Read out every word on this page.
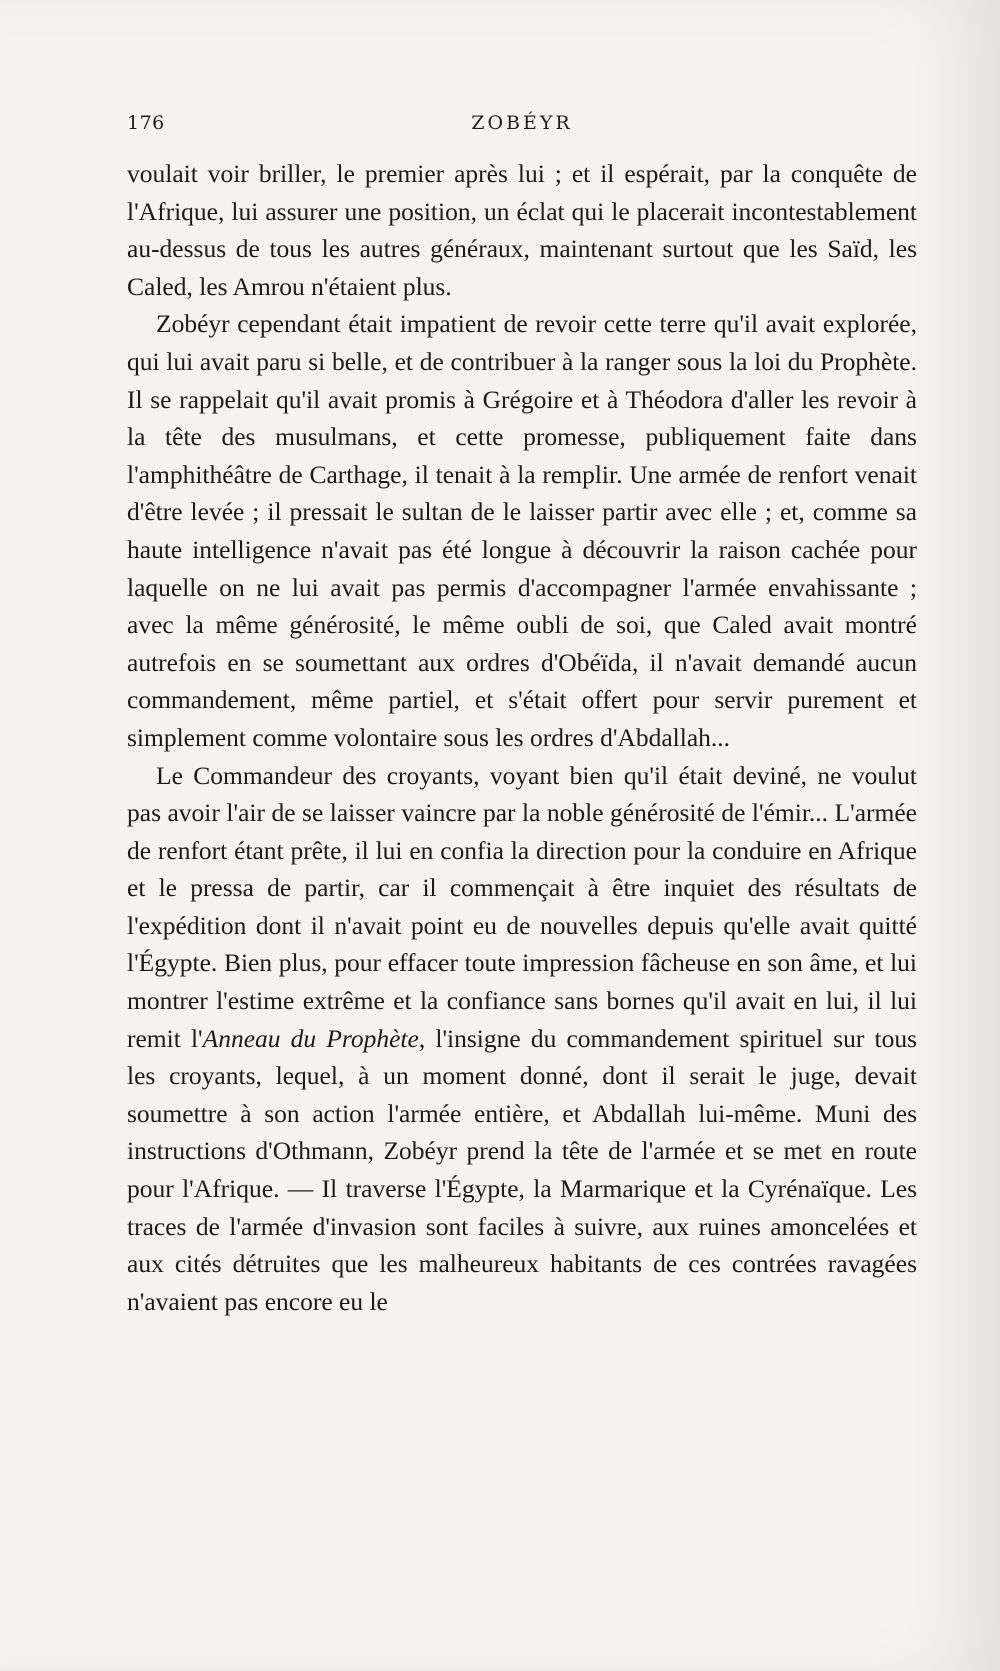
176	ZOBÉYR

voulait voir briller, le premier après lui ; et il espérait, par la conquête de l'Afrique, lui assurer une position, un éclat qui le placerait incontestablement au-dessus de tous les autres généraux, maintenant surtout que les Saïd, les Caled, les Amrou n'étaient plus.

Zobéyr cependant était impatient de revoir cette terre qu'il avait explorée, qui lui avait paru si belle, et de contribuer à la ranger sous la loi du Prophète. Il se rappelait qu'il avait promis à Grégoire et à Théodora d'aller les revoir à la tête des musulmans, et cette promesse, publiquement faite dans l'amphithéâtre de Carthage, il tenait à la remplir. Une armée de renfort venait d'être levée ; il pressait le sultan de le laisser partir avec elle ; et, comme sa haute intelligence n'avait pas été longue à découvrir la raison cachée pour laquelle on ne lui avait pas permis d'accompagner l'armée envahissante ; avec la même générosité, le même oubli de soi, que Caled avait montré autrefois en se soumettant aux ordres d'Obéïda, il n'avait demandé aucun commandement, même partiel, et s'était offert pour servir purement et simplement comme volontaire sous les ordres d'Abdallah...

Le Commandeur des croyants, voyant bien qu'il était deviné, ne voulut pas avoir l'air de se laisser vaincre par la noble générosité de l'émir... L'armée de renfort étant prête, il lui en confia la direction pour la conduire en Afrique et le pressa de partir, car il commençait à être inquiet des résultats de l'expédition dont il n'avait point eu de nouvelles depuis qu'elle avait quitté l'Égypte. Bien plus, pour effacer toute impression fâcheuse en son âme, et lui montrer l'estime extrême et la confiance sans bornes qu'il avait en lui, il lui remit l'Anneau du Prophète, l'insigne du commandement spirituel sur tous les croyants, lequel, à un moment donné, dont il serait le juge, devait soumettre à son action l'armée entière, et Abdallah lui-même. Muni des instructions d'Othmann, Zobéyr prend la tête de l'armée et se met en route pour l'Afrique. — Il traverse l'Égypte, la Marmarique et la Cyrénaïque. Les traces de l'armée d'invasion sont faciles à suivre, aux ruines amoncelées et aux cités détruites que les malheureux habitants de ces contrées ravagées n'avaient pas encore eu le
